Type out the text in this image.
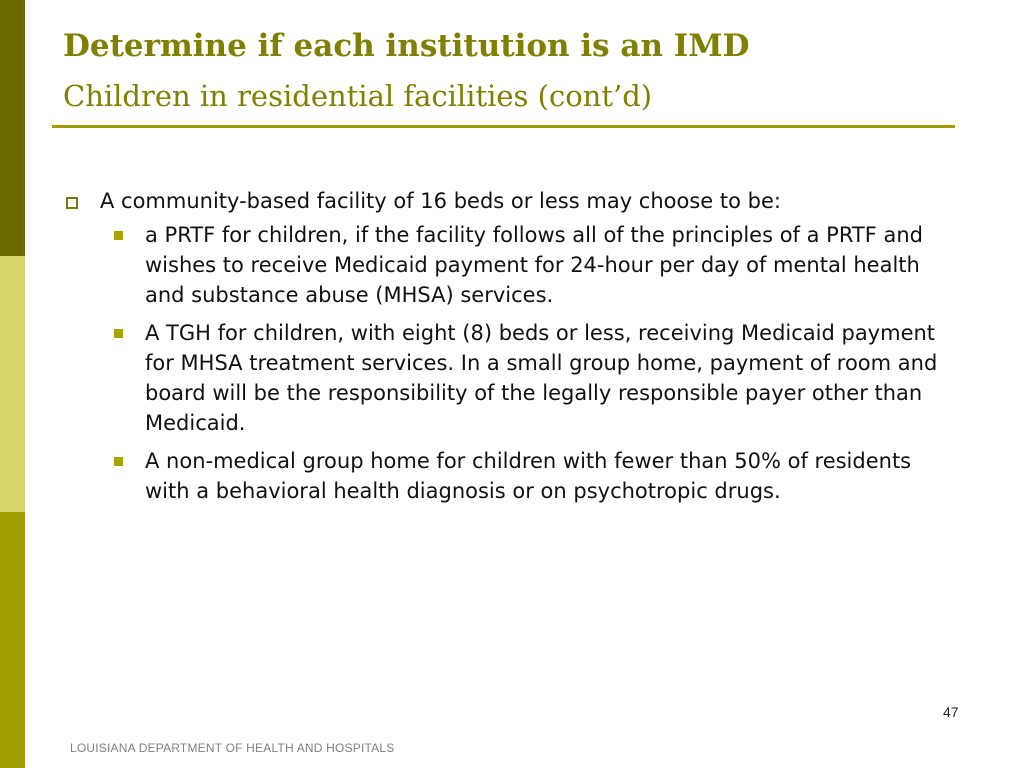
Determine if each institution is an IMD
Children in residential facilities (cont’d)
A community-based facility of 16 beds or less may choose to be:
a PRTF for children, if the facility follows all of the principles of a PRTF and wishes to receive Medicaid payment for 24-hour per day of mental health and substance abuse (MHSA) services.
A TGH for children, with eight (8) beds or less, receiving Medicaid payment for MHSA treatment services. In a small group home, payment of room and board will be the responsibility of the legally responsible payer other than Medicaid.
A non-medical group home for children with fewer than 50% of residents with a behavioral health diagnosis or on psychotropic drugs.
47
LOUISIANA DEPARTMENT OF HEALTH AND HOSPITALS
